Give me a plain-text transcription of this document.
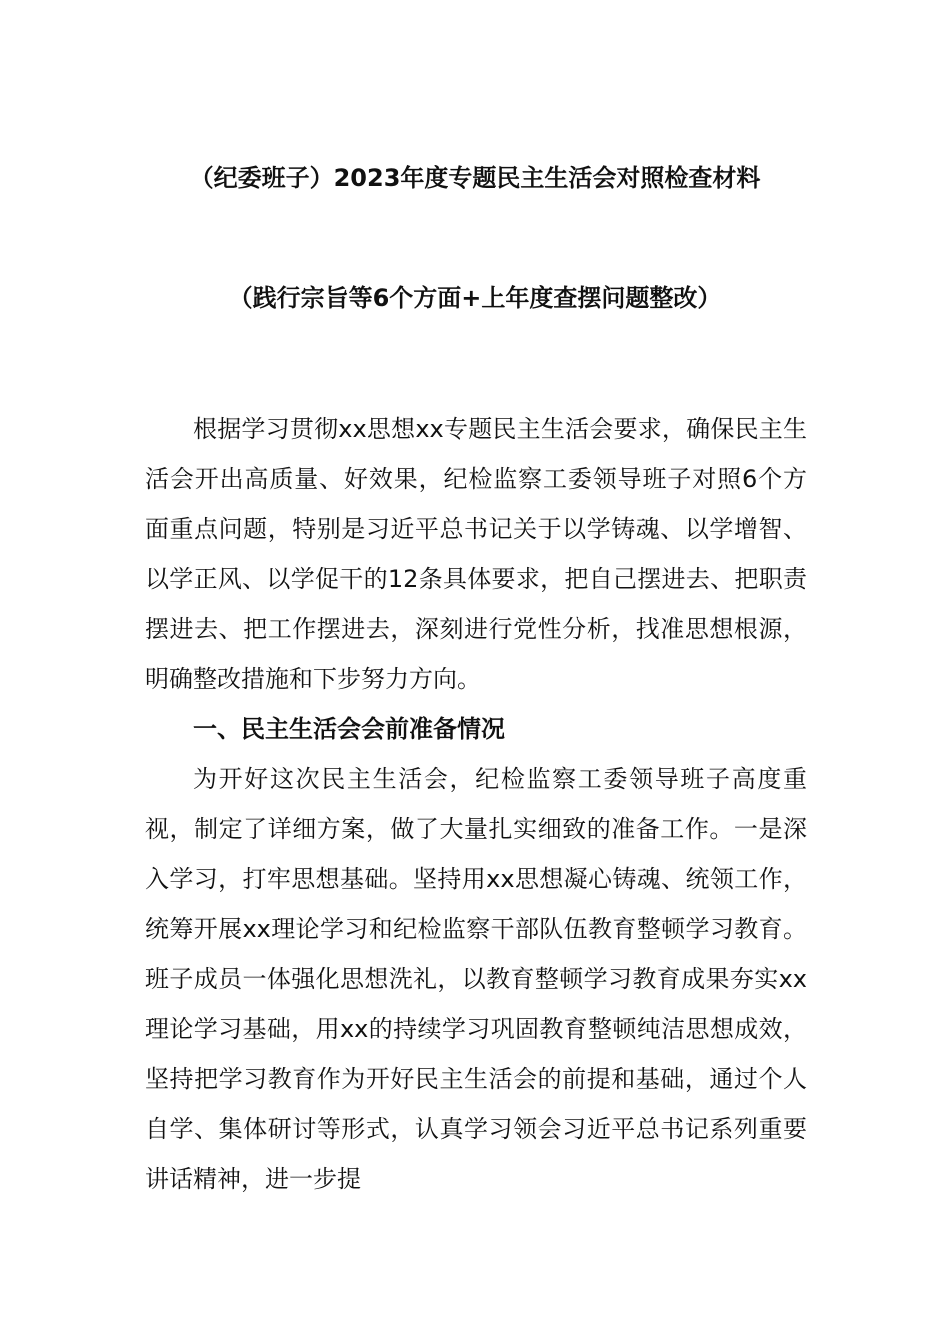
（纪委班子）2023年度专题民主生活会对照检查材料
（践行宗旨等6个方面+上年度查摆问题整改）

根据学习贯彻xx思想xx专题民主生活会要求，确保民主生活会开出高质量、好效果，纪检监察工委领导班子对照6个方面重点问题，特别是习近平总书记关于以学铸魂、以学增智、以学正风、以学促干的12条具体要求，把自己摆进去、把职责摆进去、把工作摆进去，深刻进行党性分析，找准思想根源，明确整改措施和下步努力方向。

一、民主生活会会前准备情况

为开好这次民主生活会，纪检监察工委领导班子高度重视，制定了详细方案，做了大量扎实细致的准备工作。一是深入学习，打牢思想基础。坚持用xx思想凝心铸魂、统领工作，统筹开展xx理论学习和纪检监察干部队伍教育整顿学习教育。班子成员一体强化思想洗礼，以教育整顿学习教育成果夯实xx理论学习基础，用xx的持续学习巩固教育整顿纯洁思想成效，坚持把学习教育作为开好民主生活会的前提和基础，通过个人自学、集体研讨等形式，认真学习领会习近平总书记系列重要讲话精神，进一步提
